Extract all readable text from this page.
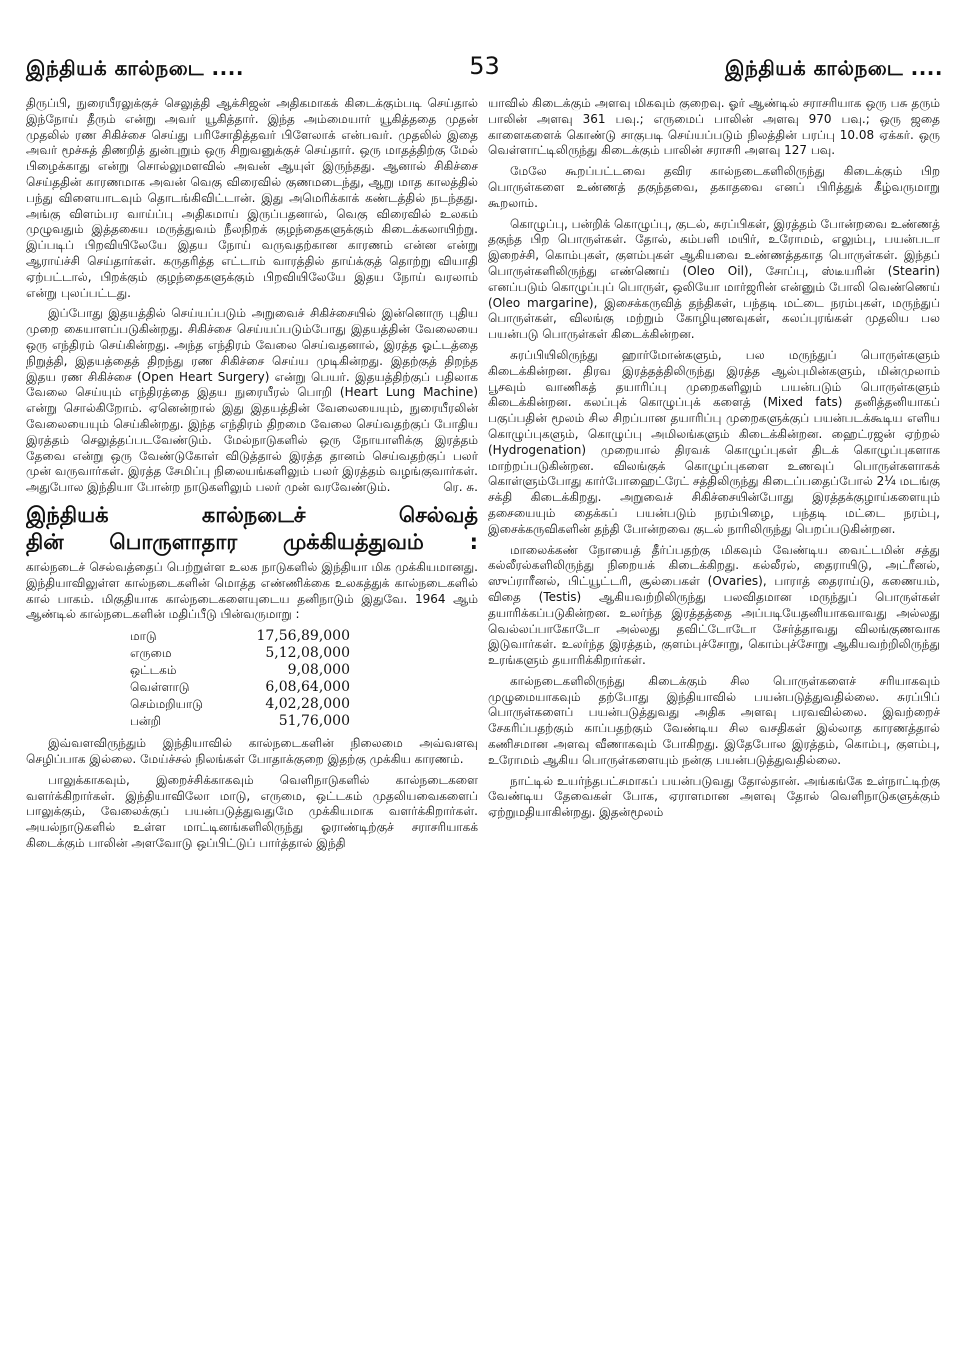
இந்தியக் கால்நடை ....	53	இந்தியக் கால்நடை ....

திருப்பி, நுரையீரலுக்குச் செலுத்தி ஆக்சிஜன் அதிகமாகக் கிடைக்கும்படி செய்தால் இந்நோய் தீரும் என்று அவர் யூகித்தார். இந்த அம்மையார் யூகித்ததை முதன் முதலில் ரண சிகிச்சை செய்து பரிசோதித்தவர் பிளேலாக் என்பவர். முதலில் இதை அவர் மூச்சுத் திணறித் துன்புறும் ஒரு சிறுவனுக்குச் செய்தார். ஒரு மாதத்திற்கு மேல் பிழைக்காது என்று சொல்லுமளவில் அவன் ஆயுள் இருந்தது. ஆனால் சிகிச்சை செய்ததின் காரணமாக அவன் வெகு விரைவில் குணமடைந்து, ஆறு மாத காலத்தில் பந்து விளையாடவும் தொடங்கிவிட்டான். இது அமெரிக்காக் கண்டத்தில் நடந்தது. அங்கு விளம்பர வாய்ப்பு அதிகமாய் இருப்பதனால், வெகு விரைவில் உலகம் முழுவதும் இத்தகைய மருத்துவம் நீலநிறக் குழந்தைகளுக்கும் கிடைக்கலாயிற்று. இப்படிப் பிறவியிலேயே இதய நோய் வருவதற்கான காரணம் என்ன என்று ஆராய்ச்சி செய்தார்கள். கருதரித்த எட்டாம் வாரத்தில் தாய்க்குத் தொற்று வியாதி ஏற்பட்டால், பிறக்கும் குழந்தைகளுக்கும் பிறவியிலேயே இதய நோய் வரலாம் என்று புலப்பட்டது.

இப்போது இதயத்தில் செய்யப்படும் அறுவைச் சிகிச்சையில் இன்னொரு புதிய முறை கையாளப்படுகின்றது. சிகிச்சை செய்யப்படும்போது இதயத்தின் வேலையை ஒரு எந்திரம் செய்கின்றது. அந்த எந்திரம் வேலை செய்வதனால், இரத்த ஓட்டத்தை நிறுத்தி, இதயத்தைத் திறந்து ரண சிகிச்சை செய்ய முடிகின்றது. இதற்குத் திறந்த இதய ரண சிகிச்சை (Open Heart Surgery) என்று பெயர். இதயத்திற்குப் பதிலாக வேலை செய்யும் எந்திரத்தை இதய நுரையீரல் பொறி (Heart Lung Machine) என்று சொல்கிறோம். ஏனென்றால் இது இதயத்தின் வேலையையும், நுரையீரலின் வேலையையும் செய்கின்றது. இந்த எந்திரம் திறமை வேலை செய்வதற்குப் போதிய இரத்தம் செலுத்தப்படவேண்டும். மேல்நாடுகளில் ஒரு நோயாளிக்கு இரத்தம் தேவை என்று ஒரு வேண்டுகோள் விடுத்தால் இரத்த தானம் செய்வதற்குப் பலர் முன் வருவார்கள். இரத்த சேமிப்பு நிலையங்களிலும் பலர் இரத்தம் வழங்குவார்கள். அதுபோல இந்தியா போன்ற நாடுகளிலும் பலர் முன் வரவேண்டும்.	ரெ. சு.

இந்தியக் கால்நடைச் செல்வத்
தின் பொருளாதார முக்கியத்துவம் :

கால்நடைச் செல்வத்தைப் பெற்றுள்ள உலக நாடுகளில் இந்தியா மிக முக்கியமானது. இந்தியாவிலுள்ள கால்நடைகளின் மொத்த எண்ணிக்கை உலகத்துக் கால்நடைகளில் கால் பாகம். மிகுதியாக கால்நடைகளையுடைய தனிநாடும் இதுவே. 1964 ஆம் ஆண்டில் கால்நடைகளின் மதிப்பீடு பின்வருமாறு :

மாடு	17,56,89,000
எருமை	5,12,08,000
ஒட்டகம்	9,08,000
வெள்ளாடு	6,08,64,000
செம்மறியாடு	4,02,28,000
பன்றி	51,76,000

இவ்வளவிருந்தும் இந்தியாவில் கால்நடைகளின் நிலைமை அவ்வளவு செழிப்பாக இல்லை. மேய்ச்சல் நிலங்கள் போதாக்குறை இதற்கு முக்கிய காரணம்.

பாலுக்காகவும், இறைச்சிக்காகவும் வெளிநாடுகளில் கால்நடைகளை வளர்க்கிறார்கள். இந்தியாவிலோ மாடு, எருமை, ஒட்டகம் முதலியவைகளைப் பாலுக்கும், வேலைக்குப் பயன்படுத்துவதுமே முக்கியமாக வளர்க்கிறார்கள். அயல்நாடுகளில் உள்ள மாட்டினங்களிலிருந்து ஓராண்டிற்குச் சராசரியாகக் கிடைக்கும் பாலின் அளவோடு ஒப்பிட்டுப் பார்த்தால் இந்தி

யாவில் கிடைக்கும் அளவு மிகவும் குறைவு. ஓர் ஆண்டில் சராசரியாக ஒரு பசு தரும் பாலின் அளவு 361 பவு.; எருமைப் பாலின் அளவு 970 பவு.; ஒரு ஜதை காளைகளைக் கொண்டு சாகுபடி செய்யப்படும் நிலத்தின் பரப்பு 10.08 ஏக்கர். ஒரு வெள்ளாட்டிலிருந்து கிடைக்கும் பாலின் சராசரி அளவு 127 பவு.

மேலே கூறப்பட்டவை தவிர கால்நடைகளிலிருந்து கிடைக்கும் பிற பொருள்களை உண்ணத் தகுந்தவை, தகாதவை எனப் பிரித்துக் கீழ்வருமாறு கூறலாம்.

கொழுப்பு, பன்றிக் கொழுப்பு, குடல், சுரப்பிகள், இரத்தம் போன்றவை உண்ணத் தகுந்த பிற பொருள்கள். தோல், கம்பளி மயிர், உரோமம், எலும்பு, பயன்படா இறைச்சி, கொம்புகள், குளம்புகள் ஆகியவை உண்ணத்தகாத பொருள்கள். இந்தப் பொருள்களிலிருந்து எண்ணெய் (Oleo Oil), சோப்பு, ஸ்டீயரின் (Stearin) எனப்படும் கொழுப்புப் பொருள், ஒலியோ மார்ஜரின் என்னும் போலி வெண்ணெய் (Oleo margarine), இசைக்கருவித் தந்திகள், பந்தடி மட்டை நரம்புகள், மருந்துப் பொருள்கள், விலங்கு மற்றும் கோழியுணவுகள், கலப்புரங்கள் முதலிய பல பயன்படு பொருள்கள் கிடைக்கின்றன.

சுரப்பியிலிருந்து ஹார்மோன்களும், பல மருந்துப் பொருள்களும் கிடைக்கின்றன. திரவ இரத்தத்திலிருந்து இரத்த ஆல்புமின்களும், மின்முலாம் பூசவும் வாணிகத் தயாரிப்பு முறைகளிலும் பயன்படும் பொருள்களும் கிடைக்கின்றன. கலப்புக் கொழுப்புக் களைத் (Mixed fats) தனித்தனியாகப் பகுப்பதின் மூலம் சில சிறப்பான தயாரிப்பு முறைகளுக்குப் பயன்படக்கூடிய எளிய கொழுப்புகளும், கொழுப்பு அமிலங்களும் கிடைக்கின்றன. ஹைட்ரஜன் ஏற்றல் (Hydrogenation) முறையால் திரவக் கொழுப்புகள் திடக் கொழுப்புகளாக மாற்றப்படுகின்றன. விலங்குக் கொழுப்புகளை உணவுப் பொருள்களாகக் கொள்ளும்போது கார்போஹைட்ரேட் சத்திலிருந்து கிடைப்பதைப்போல் 2¼ மடங்கு சக்தி கிடைக்கிறது. அறுவைச் சிகிச்சையின்போது இரத்தக்குழாய்களையும் தசையையும் தைக்கப் பயன்படும் நரம்பிழை, பந்தடி மட்டை நரம்பு, இசைக்கருவிகளின் தந்தி போன்றவை குடல் நாரிலிருந்து பெறப்படுகின்றன.

மாலைக்கண் நோயைத் தீர்ப்பதற்கு மிகவும் வேண்டிய வைட்டமின் சத்து கல்லீரல்களிலிருந்து நிறையக் கிடைக்கிறது. கல்லீரல், தைராயிடு, அட்ரீனல், ஸுப்ராரீனல், பிட்யூட்டரி, சூல்பைகள் (Ovaries), பாராத் தைராய்டு, கணையம், விதை (Testis) ஆகியவற்றிலிருந்து பலவிதமான மருந்துப் பொருள்கள் தயாரிக்கப்படுகின்றன. உலர்ந்த இரத்தத்தை அப்படியேதனியாகவாவது அல்லது வெல்லப்பாகோடோ அல்லது தவிட்டோடோ சேர்த்தாவது விலங்குணவாக இடுவார்கள். உலர்ந்த இரத்தம், குளம்புச்சோறு, கொம்புச்சோறு ஆகியவற்றிலிருந்து உரங்களும் தயாரிக்கிறார்கள்.

கால்நடைகளிலிருந்து கிடைக்கும் சில பொருள்களைச் சரியாகவும் முழுமையாகவும் தற்போது இந்தியாவில் பயன்படுத்துவதில்லை. சுரப்பிப் பொருள்களைப் பயன்படுத்துவது அதிக அளவு பரவவில்லை. இவற்றைச் சேகரிப்பதற்கும் காப்பதற்கும் வேண்டிய சில வசதிகள் இல்லாத காரணத்தால் கணிசமான அளவு வீணாகவும் போகிறது. இதேபோல இரத்தம், கொம்பு, குளம்பு, உரோமம் ஆகிய பொருள்களையும் நன்கு பயன்படுத்துவதில்லை.

நாட்டில் உயர்ந்தபட்சமாகப் பயன்படுவது தோல்தான். அங்கங்கே உள்நாட்டிற்கு வேண்டிய தேவைகள் போக, ஏராளமான அளவு தோல் வெளிநாடுகளுக்கும் ஏற்றுமதியாகின்றது. இதன்மூலம்
